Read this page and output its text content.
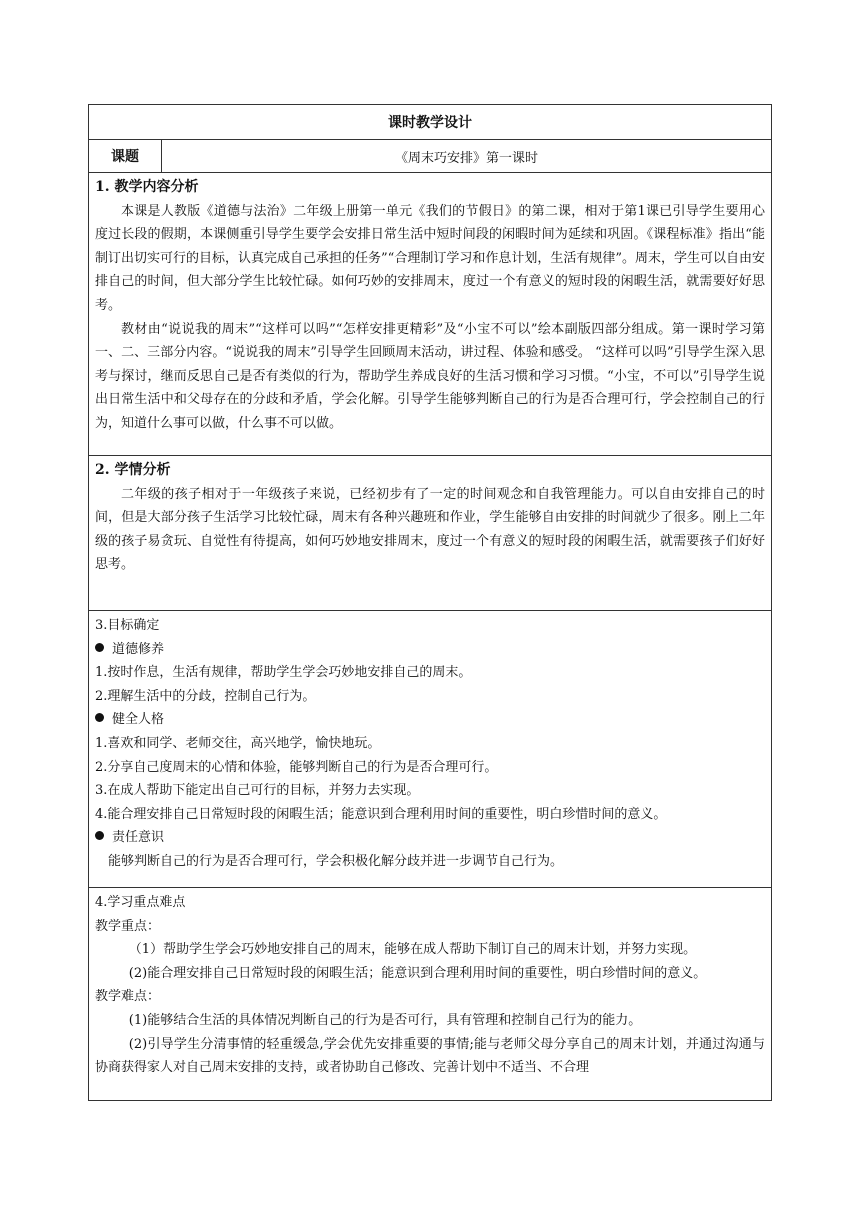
课时教学设计
课题	《周末巧安排》第一课时
1. 教学内容分析

本课是人教版《道德与法治》二年级上册第一单元《我们的节假日》的第二课，相对于第1课已引导学生要用心度过长段的假期，本课侧重引导学生要学会安排日常生活中短时间段的闲暇时间为延续和巩固。《课程标准》指出“能制订出切实可行的目标，认真完成自己承担的任务”“合理制订学习和作息计划，生活有规律”。周末，学生可以自由安排自己的时间，但大部分学生比较忙碌。如何巧妙的安排周末，度过一个有意义的短时段的闲暇生活，就需要好好思考。

教材由“说说我的周末”“这样可以吗”“怎样安排更精彩”及“小宝不可以”绘本副版四部分组成。第一课时学习第一、二、三部分内容。“说说我的周末”引导学生回顾周末活动，讲过程、体验和感受。 “这样可以吗”引导学生深入思考与探讨，继而反思自己是否有类似的行为，帮助学生养成良好的生活习惯和学习习惯。“小宝，不可以”引导学生说出日常生活中和父母存在的分歧和矛盾，学会化解。引导学生能够判断自己的行为是否合理可行，学会控制自己的行为，知道什么事可以做，什么事不可以做。

2. 学情分析

二年级的孩子相对于一年级孩子来说，已经初步有了一定的时间观念和自我管理能力。可以自由安排自己的时间，但是大部分孩子生活学习比较忙碌，周末有各种兴趣班和作业，学生能够自由安排的时间就少了很多。刚上二年级的孩子易贪玩、自觉性有待提高，如何巧妙地安排周末，度过一个有意义的短时段的闲暇生活，就需要孩子们好好思考。

3.目标确定

道德修养

1.按时作息，生活有规律，帮助学生学会巧妙地安排自己的周末。

2.理解生活中的分歧，控制自己行为。

健全人格

1.喜欢和同学、老师交往，高兴地学，愉快地玩。

2.分享自己度周末的心情和体验，能够判断自己的行为是否合理可行。

3.在成人帮助下能定出自己可行的目标，并努力去实现。

4.能合理安排自己日常短时段的闲暇生活；能意识到合理利用时间的重要性，明白珍惜时间的意义。

责任意识

能够判断自己的行为是否合理可行，学会积极化解分歧并进一步调节自己行为。

4.学习重点难点

教学重点：

（1）帮助学生学会巧妙地安排自己的周末，能够在成人帮助下制订自己的周末计划，并努力实现。

(2)能合理安排自己日常短时段的闲暇生活；能意识到合理利用时间的重要性，明白珍惜时间的意义。

教学难点：

(1)能够结合生活的具体情况判断自己的行为是否可行，具有管理和控制自己行为的能力。

(2)引导学生分清事情的轻重缓急,学会优先安排重要的事情;能与老师父母分享自己的周末计划，并通过沟通与协商获得家人对自己周末安排的支持，或者协助自己修改、完善计划中不适当、不合理
